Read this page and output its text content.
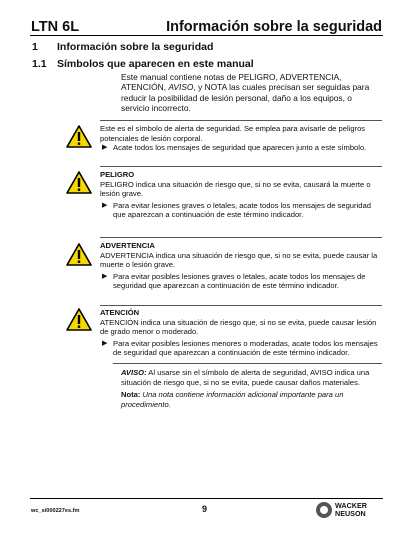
LTN 6L	Información sobre la seguridad
1 Información sobre la seguridad
1.1 Símbolos que aparecen en este manual
Este manual contiene notas de PELIGRO, ADVERTENCIA, ATENCIÓN, AVISO, y NOTA las cuales precisan ser seguidas para reducir la posibilidad de lesión personal, daño a los equipos, o servicio incorrecto.
Este es el símbolo de alerta de seguridad. Se emplea para avisarle de peligros potenciales de lesión corporal.
▶ Acate todos los mensajes de seguridad que aparecen junto a este símbolo.
PELIGRO
PELIGRO indica una situación de riesgo que, si no se evita, causará la muerte o lesión grave.
▶ Para evitar lesiones graves o letales, acate todos los mensajes de seguridad que aparezcan a continuación de este término indicador.
ADVERTENCIA
ADVERTENCIA indica una situación de riesgo que, si no se evita, puede causar la muerte o lesión grave.
▶ Para evitar posibles lesiones graves o letales, acate todos los mensajes de seguridad que aparezcan a continuación de este término indicador.
ATENCIÓN
ATENCIÓN indica una situación de riesgo que, si no se evita, puede causar lesión de grado menor o moderado.
▶ Para evitar posibles lesiones menores o moderadas, acate todos los mensajes de seguridad que aparezcan a continuación de este término indicador.
AVISO: Al usarse sin el símbolo de alerta de seguridad, AVISO indica una situación de riesgo que, si no se evita, puede causar daños materiales.
Nota: Una nota contiene información adicional importante para un procedimiento.
wc_si000227es.fm	9	WACKER
NEUSON
